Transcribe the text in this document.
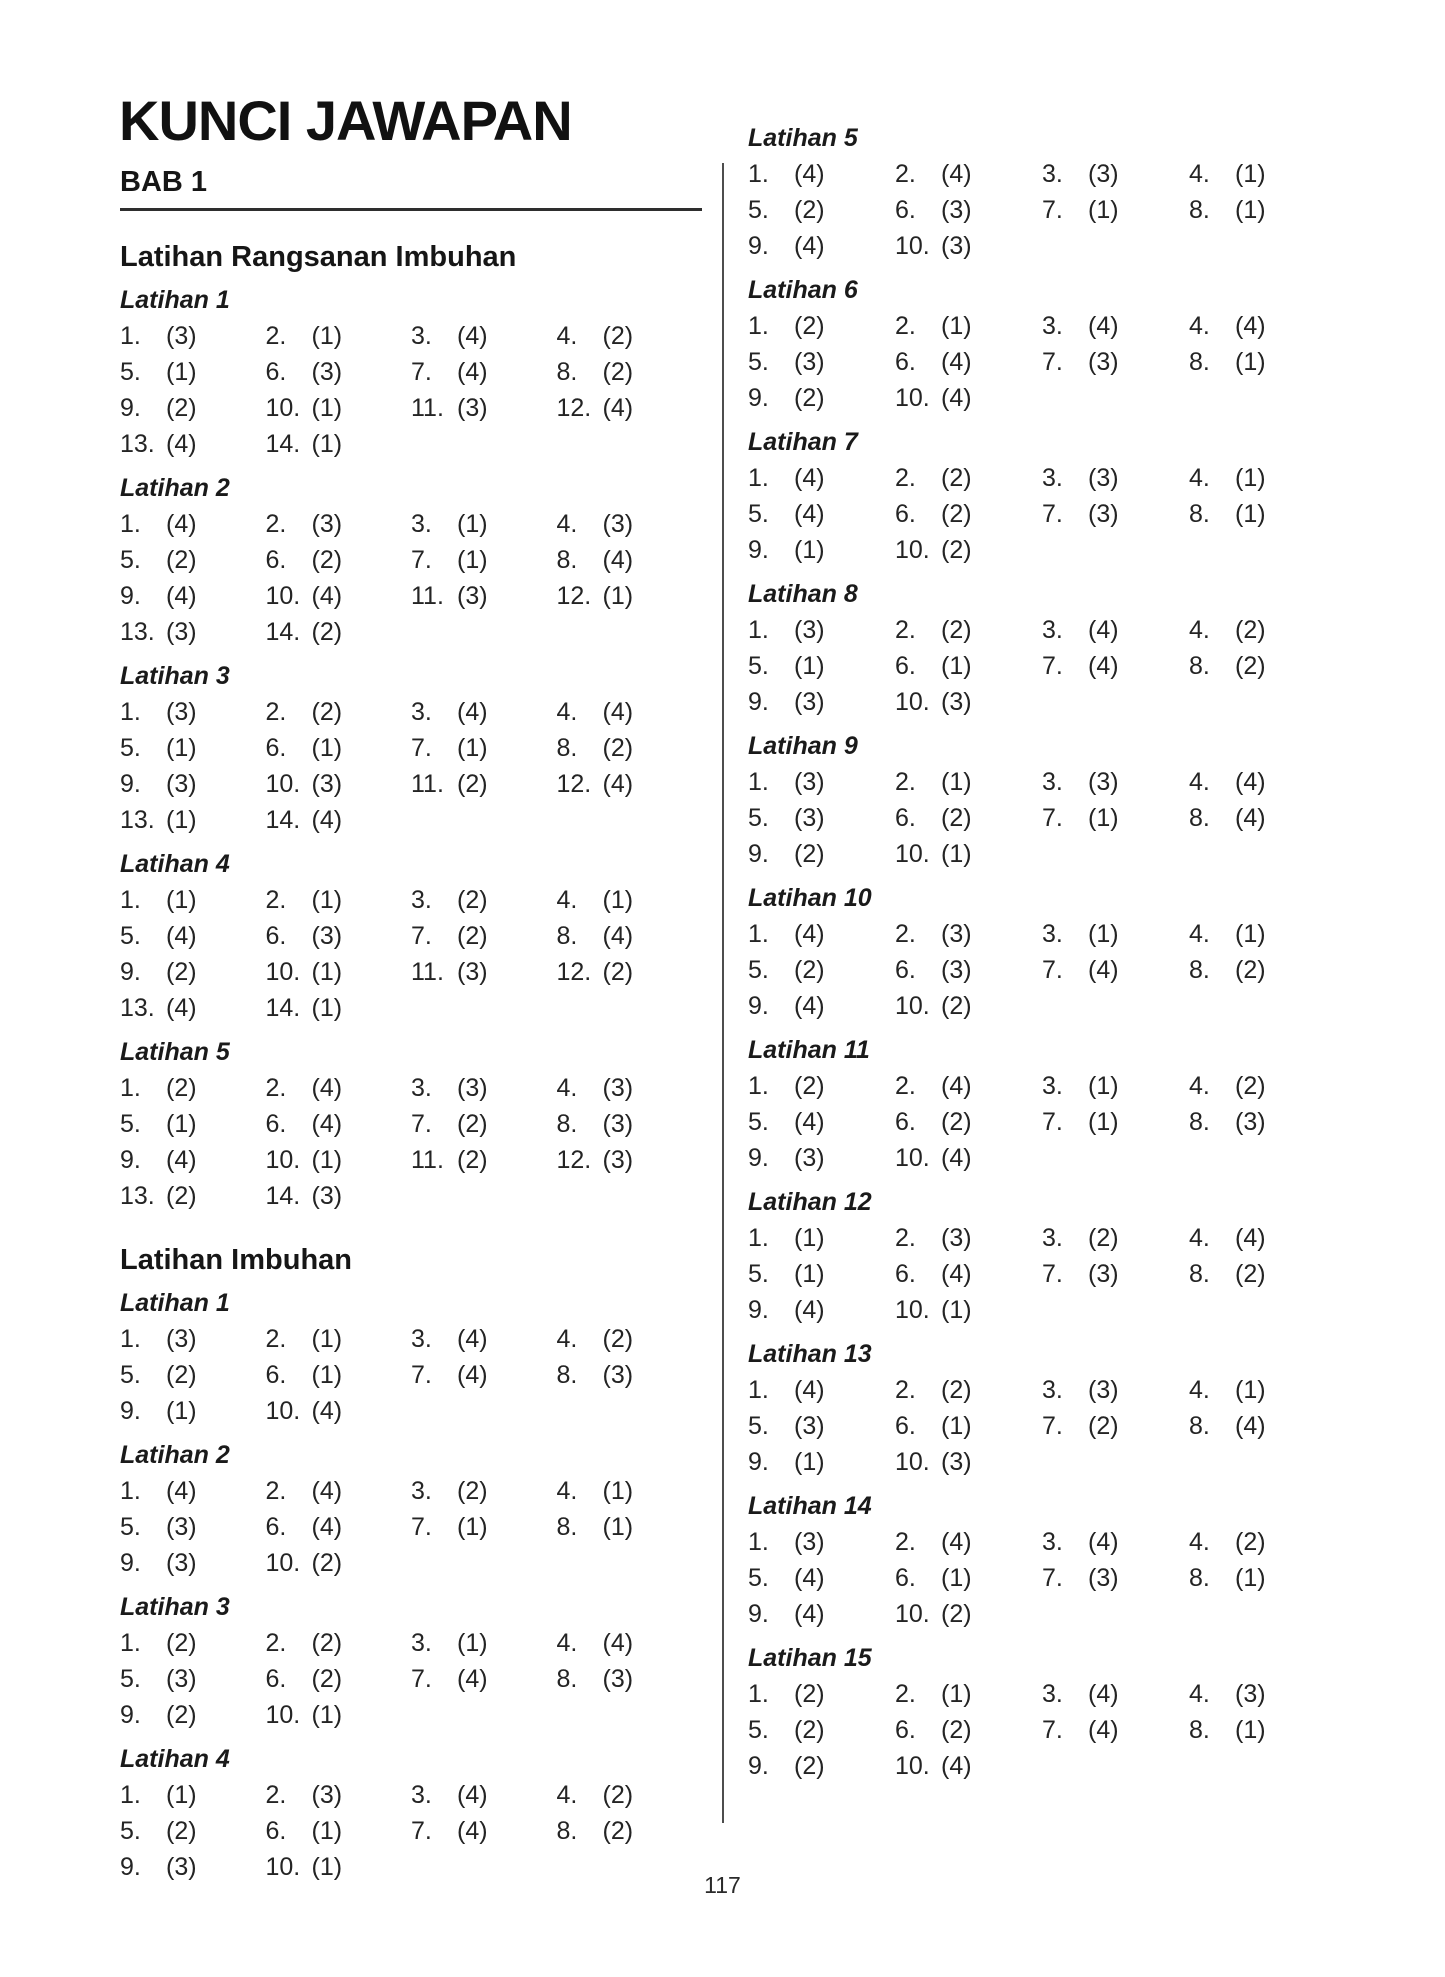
KUNCI JAWAPAN
BAB 1
Latihan Rangsanan Imbuhan
Latihan 1
1. (3)	2. (1)	3. (4)	4. (2)
5. (1)	6. (3)	7. (4)	8. (2)
9. (2)	10. (1)	11. (3)	12. (4)
13. (4)	14. (1)
Latihan 2
1. (4)	2. (3)	3. (1)	4. (3)
5. (2)	6. (2)	7. (1)	8. (4)
9. (4)	10. (4)	11. (3)	12. (1)
13. (3)	14. (2)
Latihan 3
1. (3)	2. (2)	3. (4)	4. (4)
5. (1)	6. (1)	7. (1)	8. (2)
9. (3)	10. (3)	11. (2)	12. (4)
13. (1)	14. (4)
Latihan 4
1. (1)	2. (1)	3. (2)	4. (1)
5. (4)	6. (3)	7. (2)	8. (4)
9. (2)	10. (1)	11. (3)	12. (2)
13. (4)	14. (1)
Latihan 5
1. (2)	2. (4)	3. (3)	4. (3)
5. (1)	6. (4)	7. (2)	8. (3)
9. (4)	10. (1)	11. (2)	12. (3)
13. (2)	14. (3)
Latihan Imbuhan
Latihan 1
1. (3)	2. (1)	3. (4)	4. (2)
5. (2)	6. (1)	7. (4)	8. (3)
9. (1)	10. (4)
Latihan 2
1. (4)	2. (4)	3. (2)	4. (1)
5. (3)	6. (4)	7. (1)	8. (1)
9. (3)	10. (2)
Latihan 3
1. (2)	2. (2)	3. (1)	4. (4)
5. (3)	6. (2)	7. (4)	8. (3)
9. (2)	10. (1)
Latihan 4
1. (1)	2. (3)	3. (4)	4. (2)
5. (2)	6. (1)	7. (4)	8. (2)
9. (3)	10. (1)
Latihan 5
1. (4)	2. (4)	3. (3)	4. (1)
5. (2)	6. (3)	7. (1)	8. (1)
9. (4)	10. (3)
Latihan 6
1. (2)	2. (1)	3. (4)	4. (4)
5. (3)	6. (4)	7. (3)	8. (1)
9. (2)	10. (4)
Latihan 7
1. (4)	2. (2)	3. (3)	4. (1)
5. (4)	6. (2)	7. (3)	8. (1)
9. (1)	10. (2)
Latihan 8
1. (3)	2. (2)	3. (4)	4. (2)
5. (1)	6. (1)	7. (4)	8. (2)
9. (3)	10. (3)
Latihan 9
1. (3)	2. (1)	3. (3)	4. (4)
5. (3)	6. (2)	7. (1)	8. (4)
9. (2)	10. (1)
Latihan 10
1. (4)	2. (3)	3. (1)	4. (1)
5. (2)	6. (3)	7. (4)	8. (2)
9. (4)	10. (2)
Latihan 11
1. (2)	2. (4)	3. (1)	4. (2)
5. (4)	6. (2)	7. (1)	8. (3)
9. (3)	10. (4)
Latihan 12
1. (1)	2. (3)	3. (2)	4. (4)
5. (1)	6. (4)	7. (3)	8. (2)
9. (4)	10. (1)
Latihan 13
1. (4)	2. (2)	3. (3)	4. (1)
5. (3)	6. (1)	7. (2)	8. (4)
9. (1)	10. (3)
Latihan 14
1. (3)	2. (4)	3. (4)	4. (2)
5. (4)	6. (1)	7. (3)	8. (1)
9. (4)	10. (2)
Latihan 15
1. (2)	2. (1)	3. (4)	4. (3)
5. (2)	6. (2)	7. (4)	8. (1)
9. (2)	10. (4)
117
